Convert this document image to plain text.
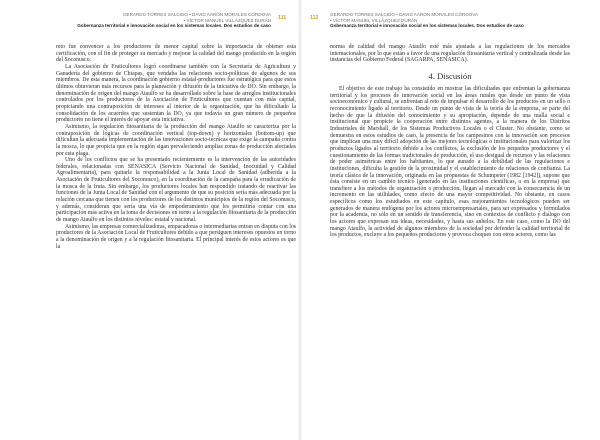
GERARDO TORRES SALCIDO • DAVID AARÓN MORALES CÓRDOVA
• VÍCTOR MANUEL VILLÁZQUEZ DURÁN
Gobernanza territorial e innovación social en los sistemas locales. Dos estudios de caso
111

reto fue convencer a los productores de menor capital sobre la importancia de obtener esta certificación, con el fin de proteger su mercado y mejorar la calidad del mango producido en la región del Soconusco.

La Asociación de Fruticultores logró coordinarse también con la Secretaría de Agricultura y Ganadería del gobierno de Chiapas, que vendaba las relaciones socio-políticas de algunos de sus miembros. De esta manera, la coordinación gobierno estatal-productores fue estratégica para que estos últimos obtuvieran más recursos para la planeación y difusión de la iniciativa de DO. Sin embargo, la denominación de origen del mango Ataulfo se ha desarrollado sobre la base de arreglos institucionales controlados por los productores de la Asociación de Fruticultores que cuentan con más capital, propiciando una contraposición de intereses al interior de la organización, que ha dificultado la consolidación de los acuerdos que sustentan la DO, ya que todavía un gran número de pequeños productores no tiene el interés de apoyar esta iniciativa.

Asimismo, la regulación fitosanitaria de la producción del mango Ataulfo se caracteriza por la contraposición de lógicas de coordinación vertical (top-down) y horizontales (bottom-up) que dificultan la adecuada implementación de las innovaciones socio-técnicas que exige la campaña contra la mosca, lo que propicia que en la región sigan prevaleciendo amplias zonas de producción afectadas por esta plaga.

Uno de los conflictos que se ha presentado recientemente es la intervención de las autoridades federales, relacionadas con SENASICA (Servicio Nacional de Sanidad, Inocuidad y Calidad Agroalimentaria), para quitarle la responsabilidad a la Junta Local de Sanidad (adherida a la Asociación de Fruticultores del Soconusco), en la coordinación de la campaña para la erradicación de la mosca de la fruta. Sin embargo, los productores locales han respondido tratando de reactivar las funciones de la Junta Local de Sanidad con el argumento de que su posición sería más adecuada por la relación cercana que tienen con los productores de los distintos municipios de la región del Soconusco, y además, consideran que sería una vía de empoderamiento que les permitiría contar con una participación más activa en la toma de decisiones en torno a la regulación fitosanitaria de la producción de mango Ataulfo en los distintos niveles: estatal y nacional.

Asimismo, las empresas comercializadoras, empacadoras o intermediarias entran en disputa con los productores de la Asociación Local de Fruticultores debido a que persiguen intereses opuestos en torno a la denominación de origen y a la regulación fitosanitaria. El principal interés de estos actores es que la

112
GERARDO TORRES SALCIDO • DAVID AARÓN MORALES CÓRDOVA
• VÍCTOR MANUEL VILLÁZQUEZ DURÁN
Gobernanza territorial e innovación social en los sistemas locales. Dos estudios de caso

norma de calidad del mango Ataulfo esté más ajustada a las regulaciones de los mercados internacionales, por lo que están a favor de una regulación fitosanitaria vertical y centralizada desde las instancias del Gobierno Federal (SAGARPA, SENASICA).

4. Discusión

El objetivo de este trabajo ha consistido en mostrar las dificultades que enfrentan la gobernanza territorial y los procesos de innovación social en las áreas rurales que desde un punto de vista socioeconómico y cultural, se enfrentan al reto de impulsar el desarrollo de los productos en un sello o reconocimiento ligado al territorio. Desde un punto de vista de la teoría de la empresa, se parte del hecho de que la difusión del conocimiento y su apropiación, depende de una malla social e institucional que propicie la cooperación entre distintos agentes, a la manera de los Distritos Industriales de Marshall, de los Sistemas Productivos Locales o el Cluster. No obstante, como se demuestra en estos estudios de caso, la presencia de los campesinos con la innovación son procesos que implican una muy difícil adopción de las mejores tecnológicas o institucionales para valorizar los productos ligados al territorio debido a los conflictos, la exclusión de los pequeños productores y el cuestionamiento de las formas tradicionales de producción, el uso desigual de recursos y las relaciones de poder asimétricas entre los habitantes, lo que aunado a la debilidad de las regulaciones e instituciones, dificulta la gestión de la proximidad y el establecimiento de relaciones de confianza. La teoría clásica de la innovación, originada en las propuestas de Schumpeter (1982 [1942]), supone que ésta consiste en un cambio técnico (generado en las instituciones científicas, o en la empresa) que transfiere a los métodos de organización o producción, llegan al mercado con la consecuencia de un incremento en las utilidades, como efecto de una mayor competitividad. No obstante, en casos específicos como los estudiados en este capítulo, esas mejoramientos tecnológicos pueden ser generados de manera endógena por los actores microempresariales, para ser expresados y formulados por la academia, no sólo en un sentido de transferencia, sino en contextos de conflicto y diálogo con los actores que expresan sus ideas, necesidades, y hasta sus anhelos. En este caso, como la DO del mango Ataulfo, la actividad de algunos miembros de la sociedad por defender la calidad territorial de los productos, excluye a los pequeños productores y provoca choques con otros actores, como las
